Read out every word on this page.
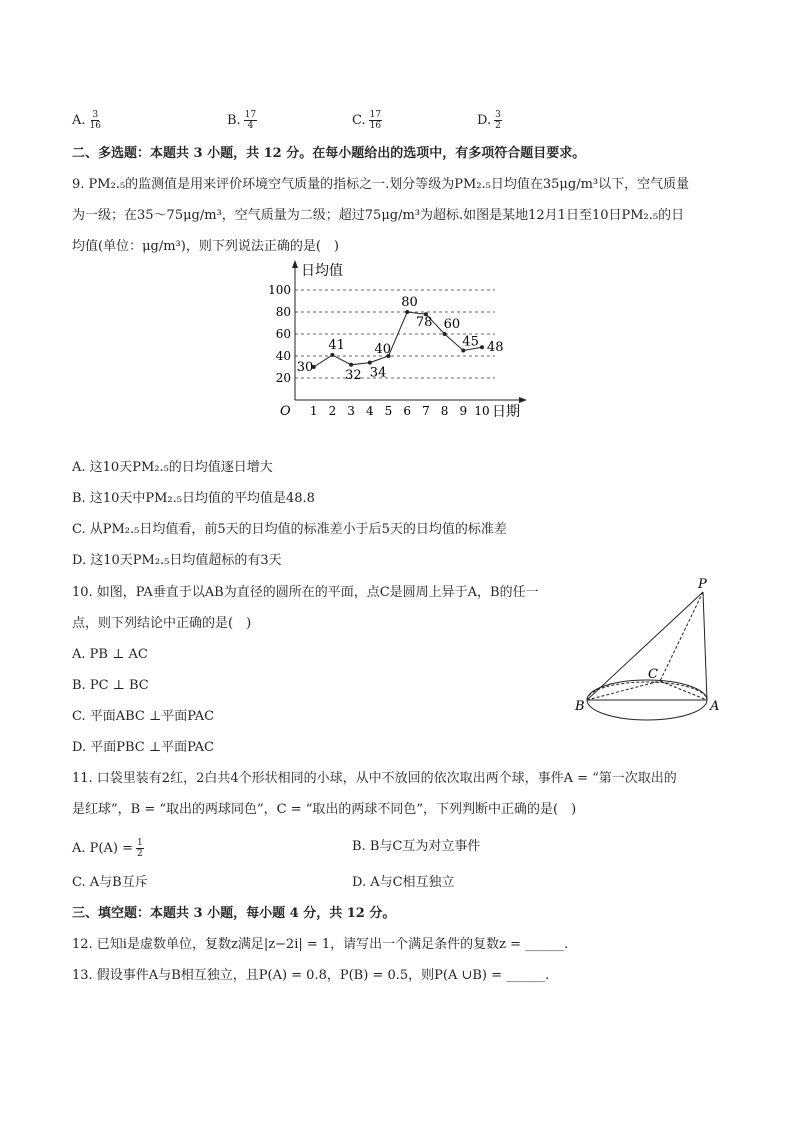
A. $\frac{3}{16}$	B. $\frac{17}{4}$	C. $\frac{17}{16}$	D. $\frac{3}{2}$
二、多选题：本题共 3 小题，共 12 分。在每小题给出的选项中，有多项符合题目要求。
9. PM₂.₅的监测值是用来评价环境空气质量的指标之一.划分等级为PM₂.₅日均值在35μg/m³以下，空气质量
为一级；在35～75μg/m³，空气质量为二级；超过75μg/m³为超标.如图是某地12月1日至10日PM₂.₅的日
均值(单位：μg/m³)，则下列说法正确的是(　)
20
40
60
80
100
日均值
日期
O 1 2 3 4 5 6 7 8 9 10
30
41
32 34
40
80
78 60
45 48
A. 这10天PM₂.₅的日均值逐日增大
B. 这10天中PM₂.₅日均值的平均值是48.8
C. 从PM₂.₅日均值看，前5天的日均值的标准差小于后5天的日均值的标准差
D. 这10天PM₂.₅日均值超标的有3天
10. 如图，PA垂直于以AB为直径的圆所在的平面，点C是圆周上异于A，B的任一
点，则下列结论中正确的是(　)
A. PB ⊥ AC
B. PC ⊥ BC
C. 平面ABC ⊥平面PAC
D. 平面PBC ⊥平面PAC
P
C
B	A
11. 口袋里装有2红，2白共4个形状相同的小球，从中不放回的依次取出两个球，事件A = “第一次取出的
是红球”，B = “取出的两球同色”，C = “取出的两球不同色”，下列判断中正确的是(　)
A. $P(A) = \frac{1}{2}$	B. B与C互为对立事件
C. A与B互斥	D. A与C相互独立
三、填空题：本题共 3 小题，每小题 4 分，共 12 分。
12. 已知i是虚数单位，复数z满足|z−2i| = 1，请写出一个满足条件的复数z = ______.
13. 假设事件A与B相互独立，且P(A) = 0.8，P(B) = 0.5，则P(A ∪B) = ______.
